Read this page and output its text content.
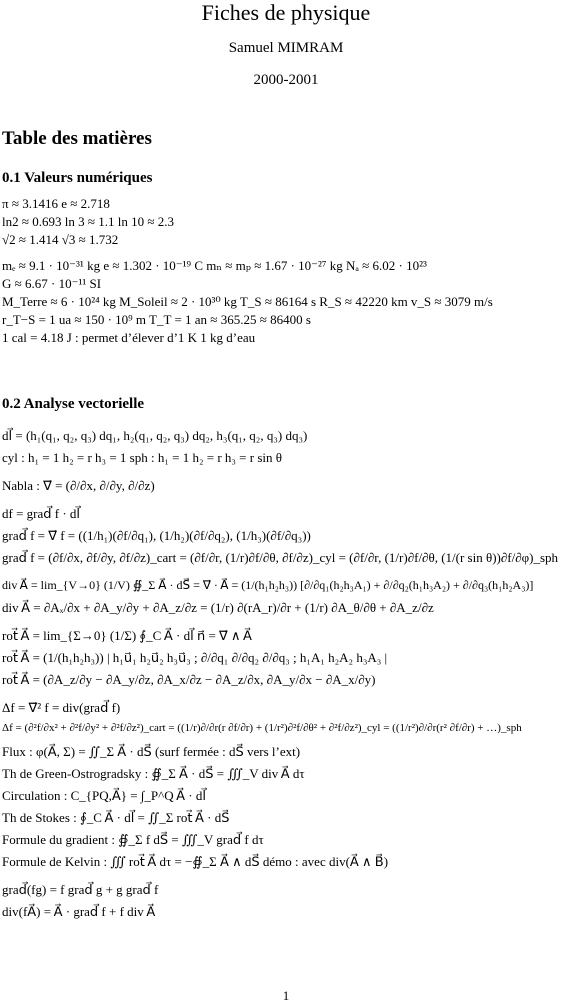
Fiches de physique
Samuel MIMRAM
2000-2001
Table des matières
0.1 Valeurs numériques
π ≈ 3.1416 e ≈ 2.718
ln2 ≈ 0.693 ln 3 ≈ 1.1 ln 10 ≈ 2.3
√2 ≈ 1.414 √3 ≈ 1.732
mₑ ≈ 9.1 · 10⁻³¹ kg e ≈ 1.302 · 10⁻¹⁹ C mₙ ≈ mₚ ≈ 1.67 · 10⁻²⁷ kg Nₐ ≈ 6.02 · 10²³
G ≈ 6.67 · 10⁻¹¹ SI
M_Terre ≈ 6 · 10²⁴ kg M_Soleil ≈ 2 · 10³⁰ kg T_S ≈ 86164 s R_S ≈ 42220 km v_S ≈ 3079 m/s
r_T−S = 1 ua ≈ 150 · 10⁹ m T_T = 1 an ≈ 365.25 ≈ 86400 s
1 cal = 4.18 J : permet d’élever d’1 K 1 kg d’eau
0.2 Analyse vectorielle
dl⃗ = (h₁(q₁, q₂, q₃) dq₁, h₂(q₁, q₂, q₃) dq₂, h₃(q₁, q₂, q₃) dq₃)
cyl : h₁ = 1 h₂ = r h₃ = 1 sph : h₁ = 1 h₂ = r h₃ = r sin θ
Nabla : ∇⃗ = (∂/∂x, ∂/∂y, ∂/∂z)
df = grad⃗ f · dl⃗
grad⃗ f = ∇⃗ f = ((1/h₁)(∂f/∂q₁), (1/h₂)(∂f/∂q₂), (1/h₃)(∂f/∂q₃))
grad⃗ f = (∂f/∂x, ∂f/∂y, ∂f/∂z)_cart = (∂f/∂r, (1/r)∂f/∂θ, ∂f/∂z)_cyl = (∂f/∂r, (1/r)∂f/∂θ, (1/(r sin θ))∂f/∂φ)_sph
div A⃗ = lim_{V→0} (1/V) ∯_Σ A⃗ · dS⃗ = ∇⃗ · A⃗ = (1/(h₁h₂h₃)) [∂/∂q₁(h₂h₃A₁) + ∂/∂q₂(h₁h₃A₂) + ∂/∂q₃(h₁h₂A₃)]
div A⃗ = ∂Aₓ/∂x + ∂A_y/∂y + ∂A_z/∂z = (1/r) ∂(rA_r)/∂r + (1/r) ∂A_θ/∂θ + ∂A_z/∂z
rot⃗ A⃗ = lim_{Σ→0} (1/Σ) ∮_C A⃗ · dl⃗ n⃗ = ∇⃗ ∧ A⃗
rot⃗ A⃗ = (1/(h₁h₂h₃)) | h₁u⃗₁ h₂u⃗₂ h₃u⃗₃ ; ∂/∂q₁ ∂/∂q₂ ∂/∂q₃ ; h₁A₁ h₂A₂ h₃A₃ |
rot⃗ A⃗ = (∂A_z/∂y − ∂A_y/∂z, ∂A_x/∂z − ∂A_z/∂x, ∂A_y/∂x − ∂A_x/∂y)
Δf = ∇⃗² f = div(grad⃗ f)
Δf = (∂²f/∂x² + ∂²f/∂y² + ∂²f/∂z²)_cart = ((1/r)∂/∂r(r ∂f/∂r) + (1/r²)∂²f/∂θ² + ∂²f/∂z²)_cyl = ((1/r²)∂/∂r(r² ∂f/∂r) + …)_sph
Flux : φ(A⃗, Σ) = ∬_Σ A⃗ · dS⃗ (surf fermée : dS⃗ vers l’ext)
Th de Green-Ostrogradsky : ∯_Σ A⃗ · dS⃗ = ∭_V div A⃗ dτ
Circulation : C_{PQ,A⃗} = ∫_P^Q A⃗ · dl⃗
Th de Stokes : ∮_C A⃗ · dl⃗ = ∬_Σ rot⃗ A⃗ · dS⃗
Formule du gradient : ∯_Σ f dS⃗ = ∭_V grad⃗ f dτ
Formule de Kelvin : ∭ rot⃗ A⃗ dτ = −∯_Σ A⃗ ∧ dS⃗ démo : avec div(A⃗ ∧ B⃗)
grad⃗(fg) = f grad⃗ g + g grad⃗ f
div(fA⃗) = A⃗ · grad⃗ f + f div A⃗
1
